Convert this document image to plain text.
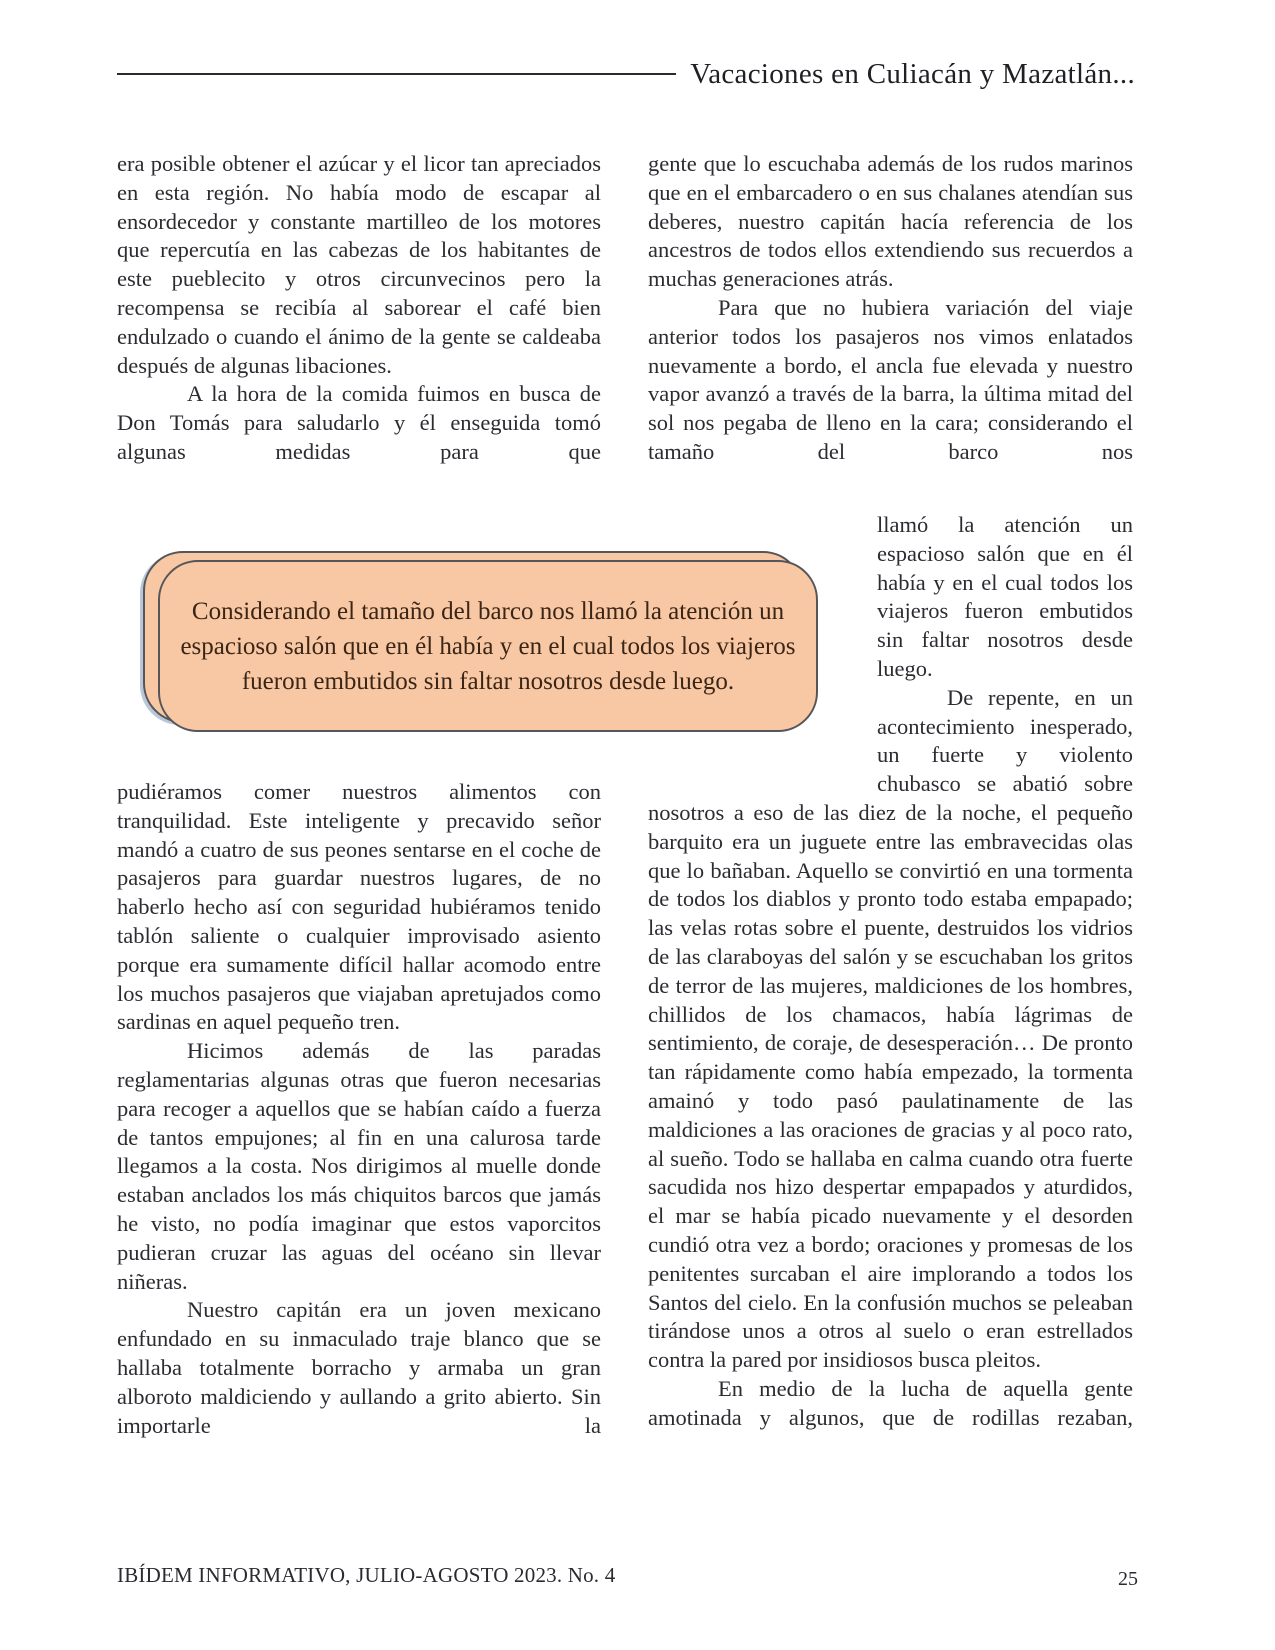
Vacaciones en Culiacán y Mazatlán...

era posible obtener el azúcar y el licor tan apreciados en esta región. No había modo de escapar al ensordecedor y constante martilleo de los motores que repercutía en las cabezas de los habitantes de este pueblecito y otros circunvecinos pero la recompensa se recibía al saborear el café bien endulzado o cuando el ánimo de la gente se caldeaba después de algunas libaciones.

A la hora de la comida fuimos en busca de Don Tomás para saludarlo y él enseguida tomó algunas medidas para que

Considerando el tamaño del barco nos llamó la atención un espacioso salón que en él había y en el cual todos los viajeros fueron embutidos sin faltar nosotros desde luego.

pudiéramos comer nuestros alimentos con tranquilidad. Este inteligente y precavido señor mandó a cuatro de sus peones sentarse en el coche de pasajeros para guardar nuestros lugares, de no haberlo hecho así con seguridad hubiéramos tenido tablón saliente o cualquier improvisado asiento porque era sumamente difícil hallar acomodo entre los muchos pasajeros que viajaban apretujados como sardinas en aquel pequeño tren.

Hicimos además de las paradas reglamentarias algunas otras que fueron necesarias para recoger a aquellos que se habían caído a fuerza de tantos empujones; al fin en una calurosa tarde llegamos a la costa. Nos dirigimos al muelle donde estaban anclados los más chiquitos barcos que jamás he visto, no podía imaginar que estos vaporcitos pudieran cruzar las aguas del océano sin llevar niñeras.

Nuestro capitán era un joven mexicano enfundado en su inmaculado traje blanco que se hallaba totalmente borracho y armaba un gran alboroto maldiciendo y aullando a grito abierto. Sin importarle la

gente que lo escuchaba además de los rudos marinos que en el embarcadero o en sus chalanes atendían sus deberes, nuestro capitán hacía referencia de los ancestros de todos ellos extendiendo sus recuerdos a muchas generaciones atrás.

Para que no hubiera variación del viaje anterior todos los pasajeros nos vimos enlatados nuevamente a bordo, el ancla fue elevada y nuestro vapor avanzó a través de la barra, la última mitad del sol nos pegaba de lleno en la cara; considerando el tamaño del barco nos

llamó la atención un espacioso salón que en él había y en el cual todos los viajeros fueron embutidos sin faltar nosotros desde luego.

De repente, en un acontecimiento inesperado, un fuerte y violento chubasco se abatió sobre

nosotros a eso de las diez de la noche, el pequeño barquito era un juguete entre las embravecidas olas que lo bañaban. Aquello se convirtió en una tormenta de todos los diablos y pronto todo estaba empapado; las velas rotas sobre el puente, destruidos los vidrios de las claraboyas del salón y se escuchaban los gritos de terror de las mujeres, maldiciones de los hombres, chillidos de los chamacos, había lágrimas de sentimiento, de coraje, de desesperación… De pronto tan rápidamente como había empezado, la tormenta amainó y todo pasó paulatinamente de las maldiciones a las oraciones de gracias y al poco rato, al sueño. Todo se hallaba en calma cuando otra fuerte sacudida nos hizo despertar empapados y aturdidos, el mar se había picado nuevamente y el desorden cundió otra vez a bordo; oraciones y promesas de los penitentes surcaban el aire implorando a todos los Santos del cielo. En la confusión muchos se peleaban tirándose unos a otros al suelo o eran estrellados contra la pared por insidiosos busca pleitos.

En medio de la lucha de aquella gente amotinada y algunos, que de rodillas rezaban,

IBÍDEM INFORMATIVO, JULIO-AGOSTO 2023. No. 4	25
